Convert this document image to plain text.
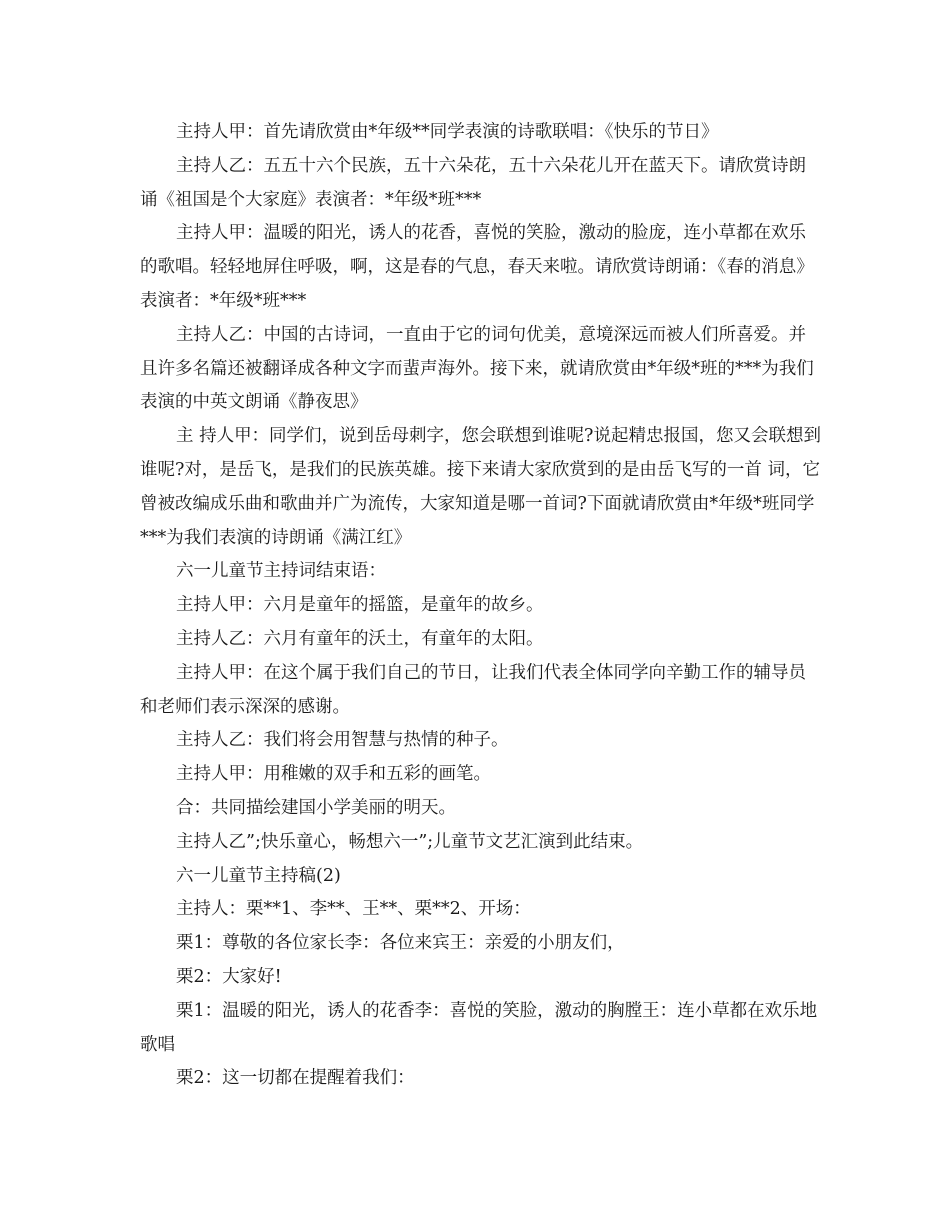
主持人甲：首先请欣赏由*年级**同学表演的诗歌联唱：《快乐的节日》

主持人乙：五五十六个民族，五十六朵花，五十六朵花儿开在蓝天下。请欣赏诗朗诵《祖国是个大家庭》表演者：*年级*班***

主持人甲：温暖的阳光，诱人的花香，喜悦的笑脸，激动的脸庞，连小草都在欢乐的歌唱。轻轻地屏住呼吸，啊，这是春的气息，春天来啦。请欣赏诗朗诵：《春的消息》表演者：*年级*班***

主持人乙：中国的古诗词，一直由于它的词句优美，意境深远而被人们所喜爱。并且许多名篇还被翻译成各种文字而蜚声海外。接下来，就请欣赏由*年级*班的***为我们表演的中英文朗诵《静夜思》

主 持人甲：同学们，说到岳母刺字，您会联想到谁呢?说起精忠报国，您又会联想到谁呢?对，是岳飞，是我们的民族英雄。接下来请大家欣赏到的是由岳飞写的一首 词，它曾被改编成乐曲和歌曲并广为流传，大家知道是哪一首词?下面就请欣赏由*年级*班同学***为我们表演的诗朗诵《满江红》

六一儿童节主持词结束语：

主持人甲：六月是童年的摇篮，是童年的故乡。

主持人乙：六月有童年的沃土，有童年的太阳。

主持人甲：在这个属于我们自己的节日，让我们代表全体同学向辛勤工作的辅导员和老师们表示深深的感谢。

主持人乙：我们将会用智慧与热情的种子。

主持人甲：用稚嫩的双手和五彩的画笔。

合：共同描绘建国小学美丽的明天。

主持人乙”;快乐童心，畅想六一”;儿童节文艺汇演到此结束。

六一儿童节主持稿(2)

主持人：栗**1、李**、王**、栗**2、开场：

栗1：尊敬的各位家长李：各位来宾王：亲爱的小朋友们，

栗2：大家好!

栗1：温暖的阳光，诱人的花香李：喜悦的笑脸，激动的胸膛王：连小草都在欢乐地歌唱

栗2：这一切都在提醒着我们：
